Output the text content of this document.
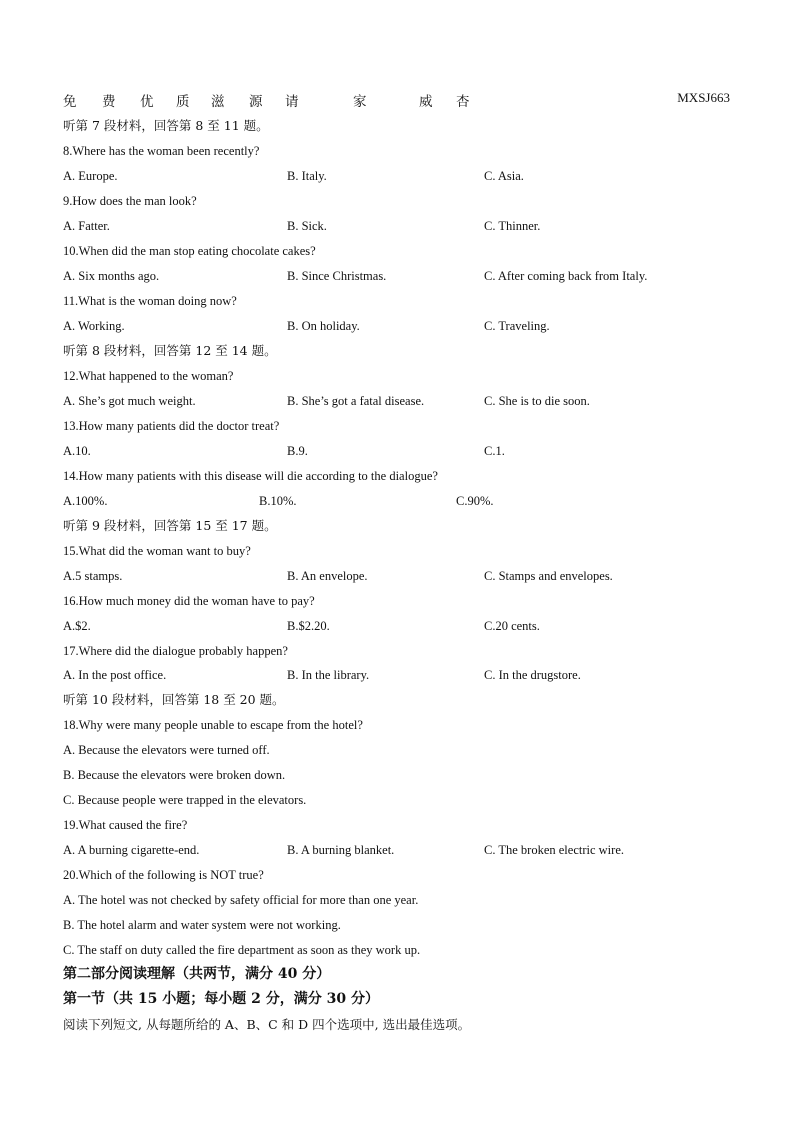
免 费 优 质 滋 源 请	家	威 杏	MXSJ663
听第 7 段材料，回答第 8 至 11 题。
8.Where has the woman been recently?
A. Europe.	B. Italy.	C. Asia.
9.How does the man look?
A. Fatter.	B. Sick.	C. Thinner.
10.When did the man stop eating chocolate cakes?
A. Six months ago.	B. Since Christmas.	C. After coming back from Italy.
11.What is the woman doing now?
A. Working.	B. On holiday.	C. Traveling.
听第 8 段材料，回答第 12 至 14 题。
12.What happened to the woman?
A. She’s got much weight.	B. She’s got a fatal disease.	C. She is to die soon.
13.How many patients did the doctor treat?
A.10.	B.9.	C.1.
14.How many patients with this disease will die according to the dialogue?
A.100%.	B.10%.	C.90%.
听第 9 段材料，回答第 15 至 17 题。
15.What did the woman want to buy?
A.5 stamps.	B. An envelope.	C. Stamps and envelopes.
16.How much money did the woman have to pay?
A.$2.	B.$2.20.	C.20 cents.
17.Where did the dialogue probably happen?
A. In the post office.	B. In the library.	C. In the drugstore.
听第 10 段材料，回答第 18 至 20 题。
18.Why were many people unable to escape from the hotel?
A. Because the elevators were turned off.
B. Because the elevators were broken down.
C. Because people were trapped in the elevators.
19.What caused the fire?
A. A burning cigarette-end.	B. A burning blanket.	C. The broken electric wire.
20.Which of the following is NOT true?
A. The hotel was not checked by safety official for more than one year.
B. The hotel alarm and water system were not working.
C. The staff on duty called the fire department as soon as they work up.
第二部分阅读理解（共两节，满分 40 分）
第一节（共 15 小题；每小题 2 分，满分 30 分）
阅读下列短文, 从每题所给的 A、B、C 和 D 四个选项中, 选出最佳选项。
